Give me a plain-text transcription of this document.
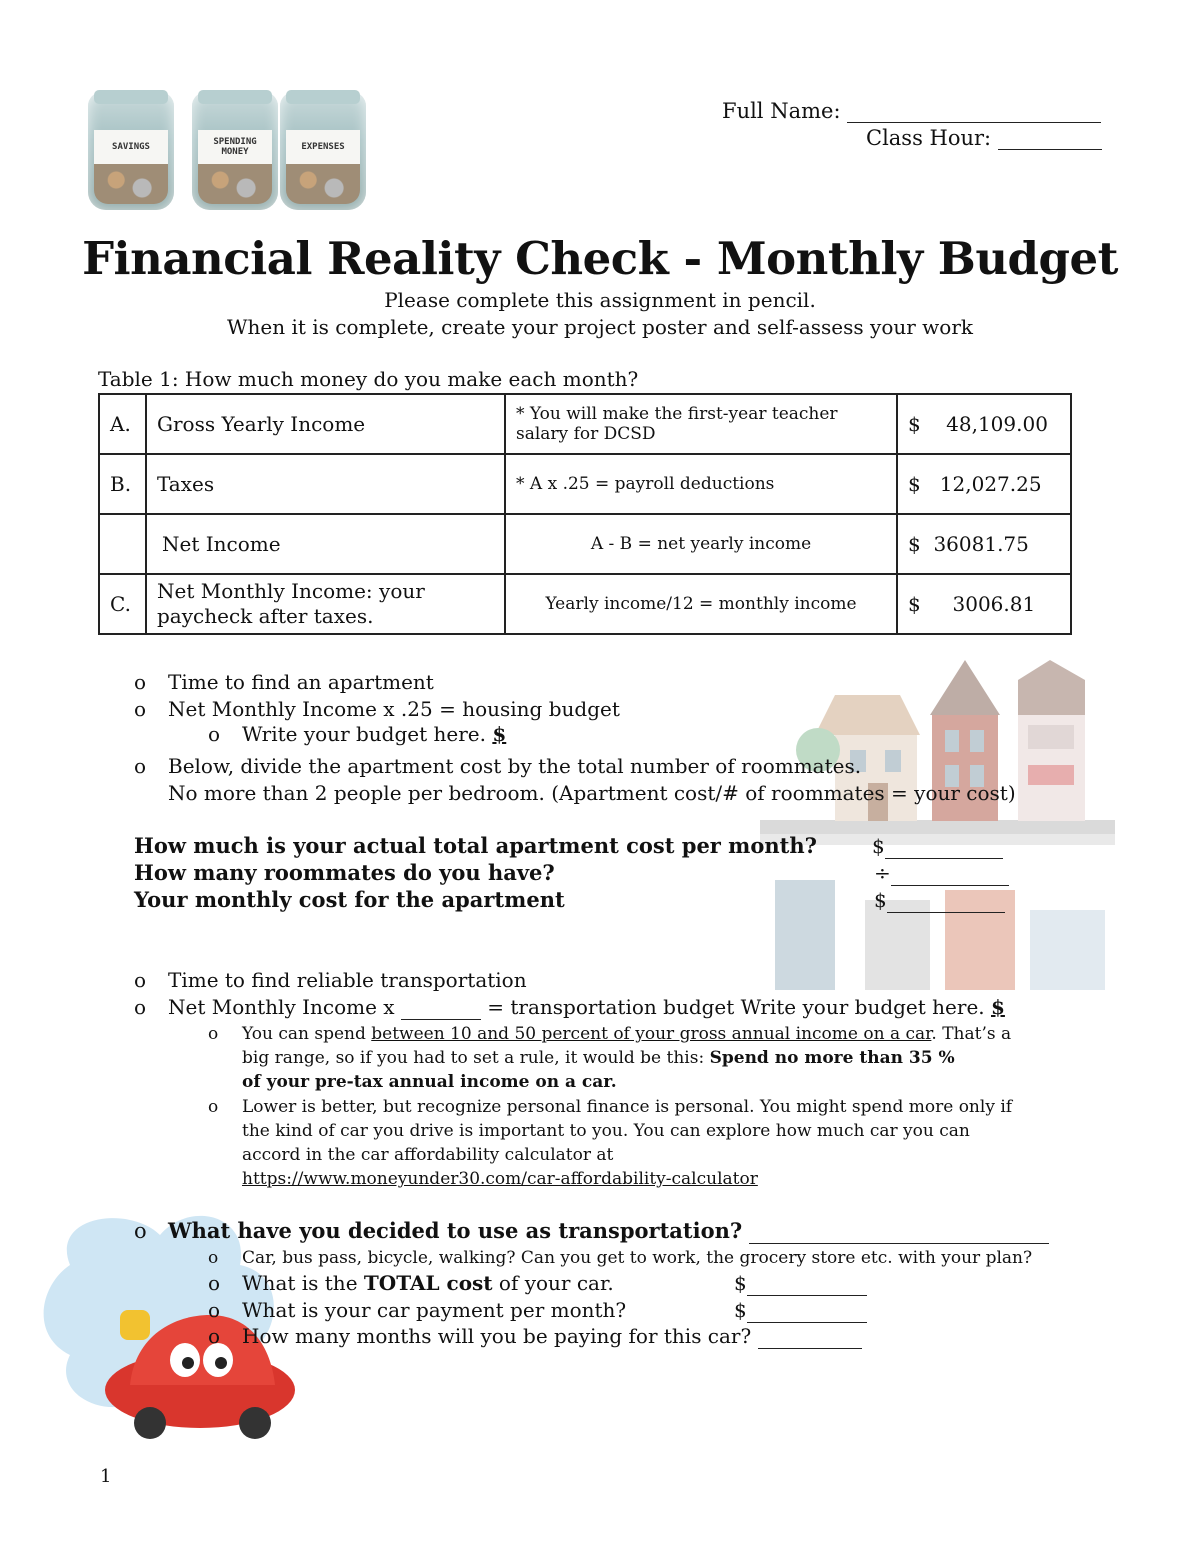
SAVINGS	SPENDING MONEY	EXPENSES
Full Name:
Class Hour:
Financial Reality Check - Monthly Budget
Please complete this assignment in pencil.
When it is complete, create your project poster and self-assess your work
Table 1: How much money do you make each month?
A.	Gross Yearly Income	* You will make the first-year teacher salary for DCSD	$    48,109.00
B.	Taxes	* A x .25 = payroll deductions	$   12,027.25
	Net Income	A - B = net yearly income	$  36081.75
C.	Net Monthly Income: your paycheck after taxes.	Yearly income/12 = monthly income	$     3006.81
o Time to find an apartment
o Net Monthly Income x .25 = housing budget
o Write your budget here. $
o Below, divide the apartment cost by the total number of roommates.
No more than 2 people per bedroom. (Apartment cost/# of roommates = your cost)
How much is your actual total apartment cost per month?	$
How many roommates do you have?	÷
Your monthly cost for the apartment	$
o Time to find reliable transportation
o Net Monthly Income x	= transportation budget Write your budget here. $
o You can spend between 10 and 50 percent of your gross annual income on a car. That’s a
big range, so if you had to set a rule, it would be this: Spend no more than 35 %
of your pre-tax annual income on a car.
o Lower is better, but recognize personal finance is personal. You might spend more only if
the kind of car you drive is important to you. You can explore how much car you can
accord in the car affordability calculator at
https://www.moneyunder30.com/car-affordability-calculator
o What have you decided to use as transportation?
o Car, bus pass, bicycle, walking? Can you get to work, the grocery store etc. with your plan?
o What is the TOTAL cost of your car.	$
o What is your car payment per month?	$
o How many months will you be paying for this car?
1
